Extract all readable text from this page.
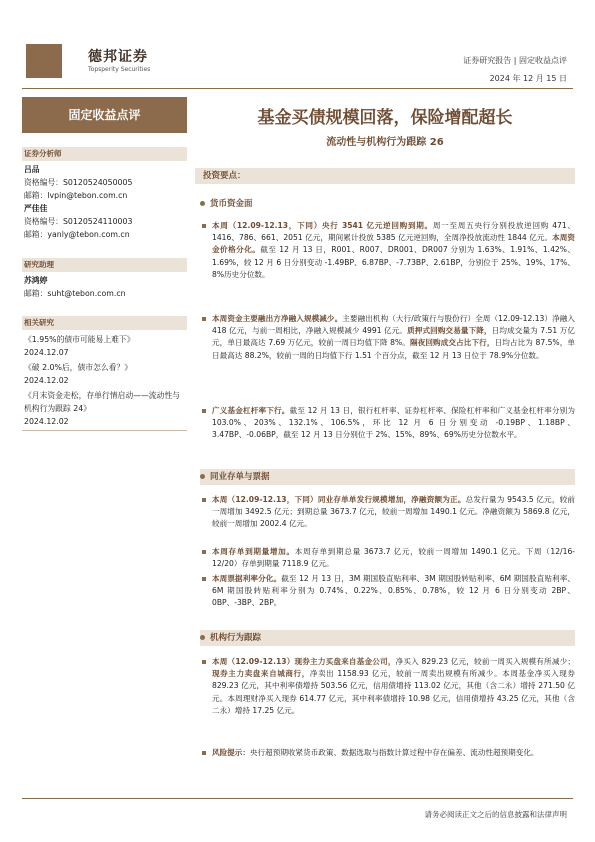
德邦证券
Topsperity Securities
证券研究报告 | 固定收益点评
2024 年 12 月 15 日
固定收益点评
证券分析师
吕品
资格编号：S0120524050005
邮箱：lvpin@tebon.com.cn
严佳佳
资格编号：S0120524110003
邮箱：yanly@tebon.com.cn
研究助理
苏鸿婷
邮箱：suht@tebon.com.cn
相关研究
《1.95%的债市可能易上难下》
2024.12.07
《破 2.0%后，债市怎么看？》
2024.12.02
《月末资金走松，存单行情启动——流动性与机构行为跟踪 24》
2024.12.02
基金买债规模回落，保险增配超长
流动性与机构行为跟踪 26
投资要点：
货币资金面
本周（12.09-12.13，下同）央行 3541 亿元逆回购到期。周一至周五央行分别投放逆回购 471、1416、786、661、2051 亿元，期间累计投放 5385 亿元逆回购，全周净投放流动性 1844 亿元。本周资金价格分化。截至 12 月 13 日，R001、R007、DR001、DR007 分别为 1.63%、1.91%、1.42%、1.69%，较 12 月 6 日分别变动 -1.49BP、6.87BP、-7.73BP、2.61BP，分别位于 25%、19%、17%、8%历史分位数。
本周资金主要融出方净融入规模减少。主要融出机构（大行/政策行与股份行）全周（12.09-12.13）净融入 418 亿元，与前一周相比，净融入规模减少 4991 亿元。质押式回购交易量下降，日均成交量为 7.51 万亿元，单日最高达 7.69 万亿元，较前一周日均值下降 8%。隔夜回购成交占比下行，日均占比为 87.5%，单日最高达 88.2%，较前一周的日均值下行 1.51 个百分点，截至 12 月 13 日位于 78.9%分位数。
广义基金杠杆率下行。截至 12 月 13 日，银行杠杆率、证券杠杆率、保险杠杆率和广义基金杠杆率分别为 103.0%、203%、132.1%、106.5%，环比 12 月 6 日分别变动 -0.19BP、1.18BP、3.47BP、-0.06BP，截至 12 月 13 日分别位于 2%、15%、89%、69%历史分位数水平。
同业存单与票据
本周（12.09-12.13，下同）同业存单单发行规模增加，净融资额为正。总发行量为 9543.5 亿元，较前一周增加 3492.5 亿元；到期总量 3673.7 亿元，较前一周增加 1490.1 亿元。净融资额为 5869.8 亿元，较前一周增加 2002.4 亿元。
本周存单到期量增加。本周存单到期总量 3673.7 亿元，较前一周增加 1490.1 亿元。下周（12/16-12/20）存单到期量 7118.9 亿元。
本周票据利率分化。截至 12 月 13 日，3M 期国股直贴利率、3M 期国股转贴利率、6M 期国股直贴利率、6M 期国股转贴利率分别为 0.74%、0.22%、0.85%、0.78%，较 12 月 6 日分别变动 2BP、0BP、-3BP、2BP。
机构行为跟踪
本周（12.09-12.13）现券主力买盘来自基金公司，净买入 829.23 亿元，较前一周买入规模有所减少；现券主力卖盘来自城商行，净卖出 1158.93 亿元，较前一周卖出规模有所减少。本周基金净买入现券 829.23 亿元，其中利率债增持 503.56 亿元，信用债增持 113.02 亿元，其他（含二永）增持 271.50 亿元。本周理财净买入现券 614.77 亿元，其中利率债增持 10.98 亿元，信用债增持 43.25 亿元，其他（含二永）增持 17.25 亿元。
风险提示：央行超预期收紧货币政策、数据选取与指数计算过程中存在偏差、流动性超预期变化。
请务必阅读正文之后的信息披露和法律声明
